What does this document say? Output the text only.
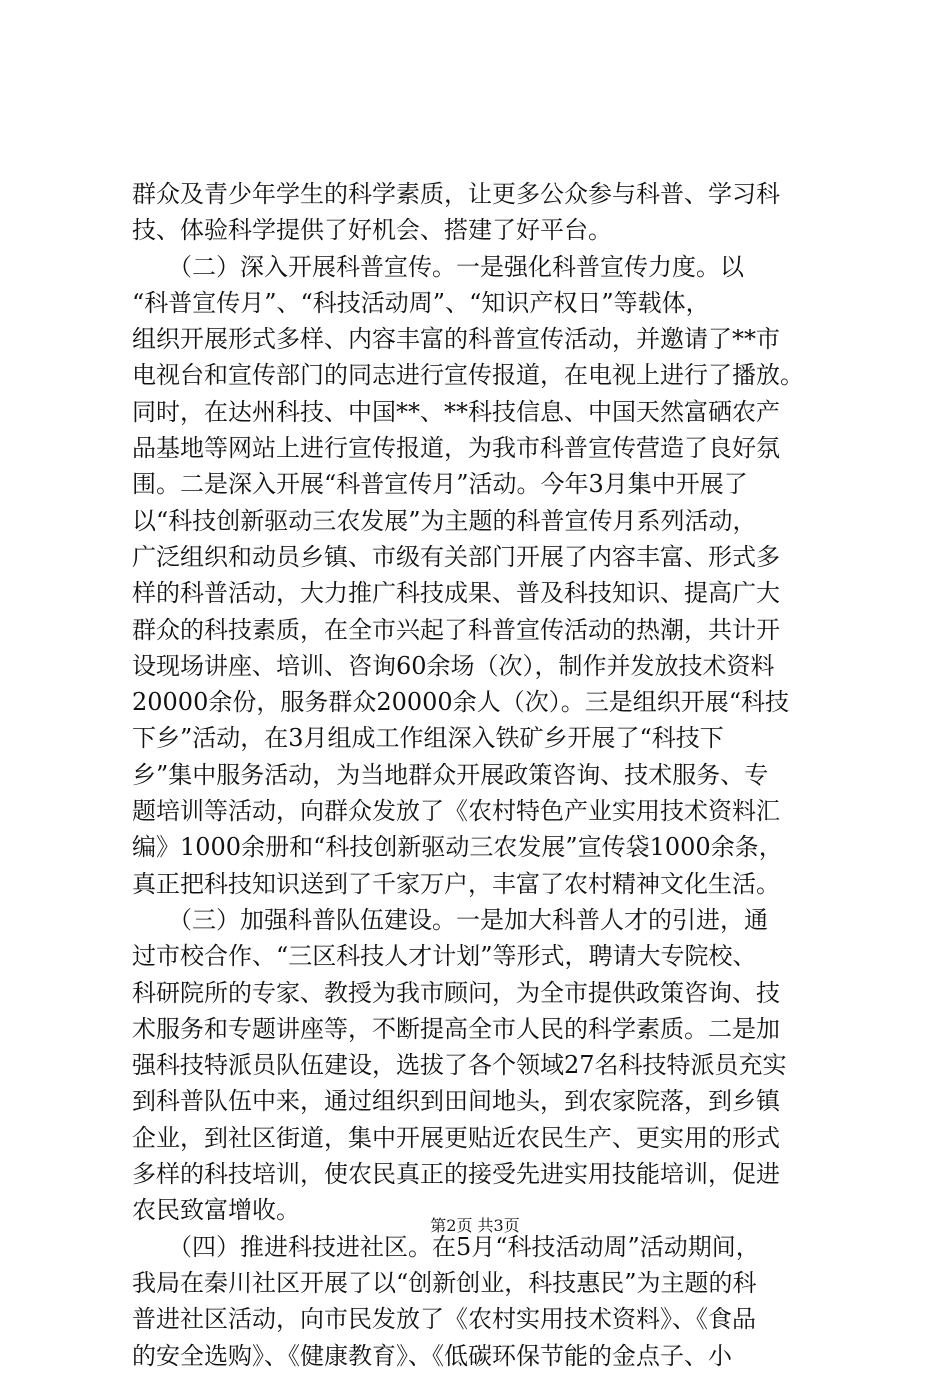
群众及青少年学生的科学素质，让更多公众参与科普、学习科
技、体验科学提供了好机会、搭建了好平台。
　　（二）深入开展科普宣传。一是强化科普宣传力度。以
“科普宣传月”、“科技活动周”、“知识产权日”等载体，
组织开展形式多样、内容丰富的科普宣传活动，并邀请了**市
电视台和宣传部门的同志进行宣传报道，在电视上进行了播放。
同时，在达州科技、中国**、**科技信息、中国天然富硒农产
品基地等网站上进行宣传报道，为我市科普宣传营造了良好氛
围。二是深入开展“科普宣传月”活动。今年3月集中开展了
以“科技创新驱动三农发展”为主题的科普宣传月系列活动，
广泛组织和动员乡镇、市级有关部门开展了内容丰富、形式多
样的科普活动，大力推广科技成果、普及科技知识、提高广大
群众的科技素质，在全市兴起了科普宣传活动的热潮，共计开
设现场讲座、培训、咨询60余场（次），制作并发放技术资料
20000余份，服务群众20000余人（次）。三是组织开展“科技
下乡”活动，在3月组成工作组深入铁矿乡开展了“科技下
乡”集中服务活动，为当地群众开展政策咨询、技术服务、专
题培训等活动，向群众发放了《农村特色产业实用技术资料汇
编》1000余册和“科技创新驱动三农发展”宣传袋1000余条，
真正把科技知识送到了千家万户，丰富了农村精神文化生活。
　　（三）加强科普队伍建设。一是加大科普人才的引进，通
过市校合作、“三区科技人才计划”等形式，聘请大专院校、
科研院所的专家、教授为我市顾问，为全市提供政策咨询、技
术服务和专题讲座等，不断提高全市人民的科学素质。二是加
强科技特派员队伍建设，选拔了各个领域27名科技特派员充实
到科普队伍中来，通过组织到田间地头，到农家院落，到乡镇
企业，到社区街道，集中开展更贴近农民生产、更实用的形式
多样的科技培训，使农民真正的接受先进实用技能培训，促进
农民致富增收。
　　（四）推进科技进社区。在5月“科技活动周”活动期间，
我局在秦川社区开展了以“创新创业，科技惠民”为主题的科
普进社区活动，向市民发放了《农村实用技术资料》、《食品
的安全选购》、《健康教育》、《低碳环保节能的金点子、小
第2页 共3页
